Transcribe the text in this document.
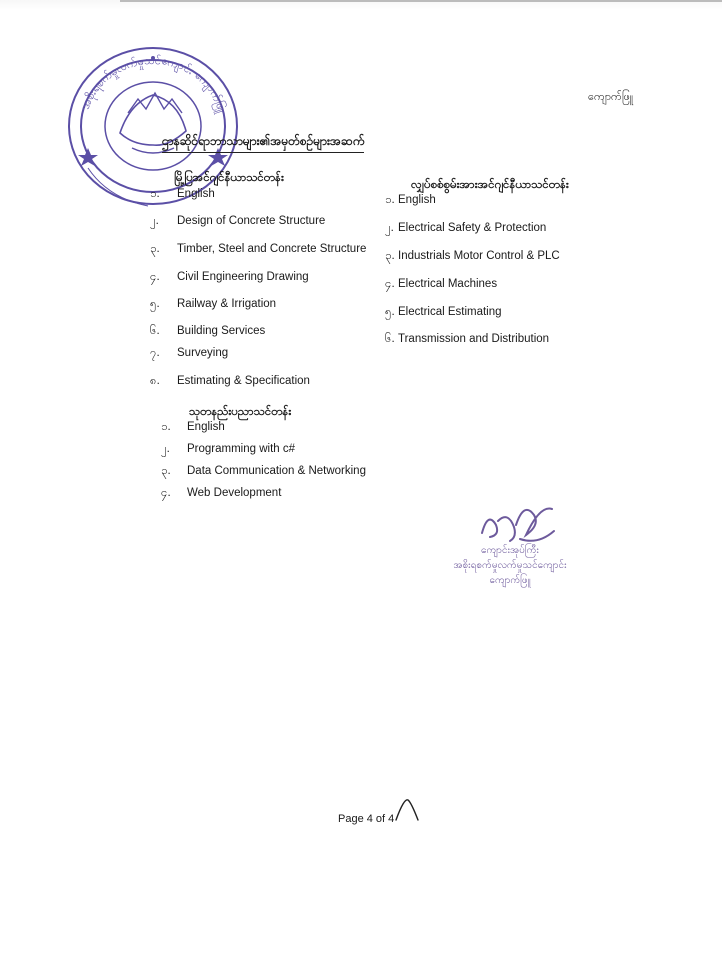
အစိုးရစက်မှုလက်မှုသင်ကျောင်း ကျောက်ဖြူ
ကျောက်ဖြူ
ဌာနဆိုင်ရာဘာသာများ၏အမှတ်စဉ်များအဆက်
မြို့ပြအင်ဂျင်နီယာသင်တန်း
၁. English
၂. Design of Concrete Structure
၃. Timber, Steel and Concrete Structure
၄. Civil Engineering Drawing
၅. Railway & Irrigation
၆. Building Services
၇. Surveying
၈. Estimating & Specification
လျှပ်စစ်စွမ်းအားအင်ဂျင်နီယာသင်တန်း
၁. English
၂. Electrical Safety & Protection
၃. Industrials Motor Control & PLC
၄. Electrical Machines
၅. Electrical Estimating
၆. Transmission and Distribution
သုတနည်းပညာသင်တန်း
၁. English
၂. Programming with c#
၃. Data Communication & Networking
၄. Web Development
ကျောင်းအုပ်ကြီး
အစိုးရစက်မှုလက်မှုသင်ကျောင်း
ကျောက်ဖြူ
Page 4 of 4
